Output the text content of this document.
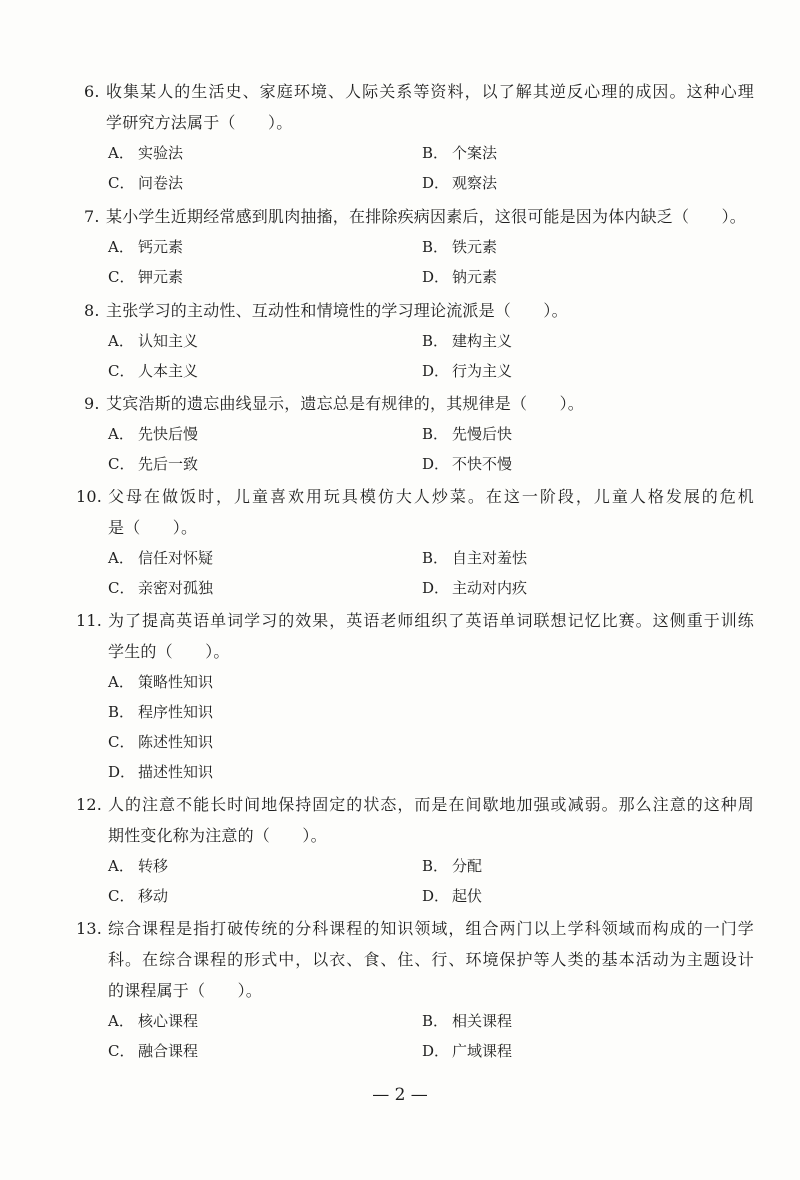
6. 收集某人的生活史、家庭环境、人际关系等资料，以了解其逆反心理的成因。这种心理
学研究方法属于（　　）。
A． 实验法	B． 个案法
C． 问卷法	D． 观察法
7. 某小学生近期经常感到肌肉抽搐，在排除疾病因素后，这很可能是因为体内缺乏（　　）。
A． 钙元素	B． 铁元素
C． 钾元素	D． 钠元素
8. 主张学习的主动性、互动性和情境性的学习理论流派是（　　）。
A． 认知主义	B． 建构主义
C． 人本主义	D． 行为主义
9. 艾宾浩斯的遗忘曲线显示，遗忘总是有规律的，其规律是（　　）。
A． 先快后慢	B． 先慢后快
C． 先后一致	D． 不快不慢
10. 父母在做饭时，儿童喜欢用玩具模仿大人炒菜。在这一阶段，儿童人格发展的危机
是（　　）。
A． 信任对怀疑	B． 自主对羞怯
C． 亲密对孤独	D． 主动对内疚
11. 为了提高英语单词学习的效果，英语老师组织了英语单词联想记忆比赛。这侧重于训练
学生的（　　）。
A． 策略性知识
B． 程序性知识
C． 陈述性知识
D． 描述性知识
12. 人的注意不能长时间地保持固定的状态，而是在间歇地加强或减弱。那么注意的这种周
期性变化称为注意的（　　）。
A． 转移	B． 分配
C． 移动	D． 起伏
13. 综合课程是指打破传统的分科课程的知识领域，组合两门以上学科领域而构成的一门学
科。在综合课程的形式中，以衣、食、住、行、环境保护等人类的基本活动为主题设计
的课程属于（　　）。
A． 核心课程	B． 相关课程
C． 融合课程	D． 广域课程
— 2 —
